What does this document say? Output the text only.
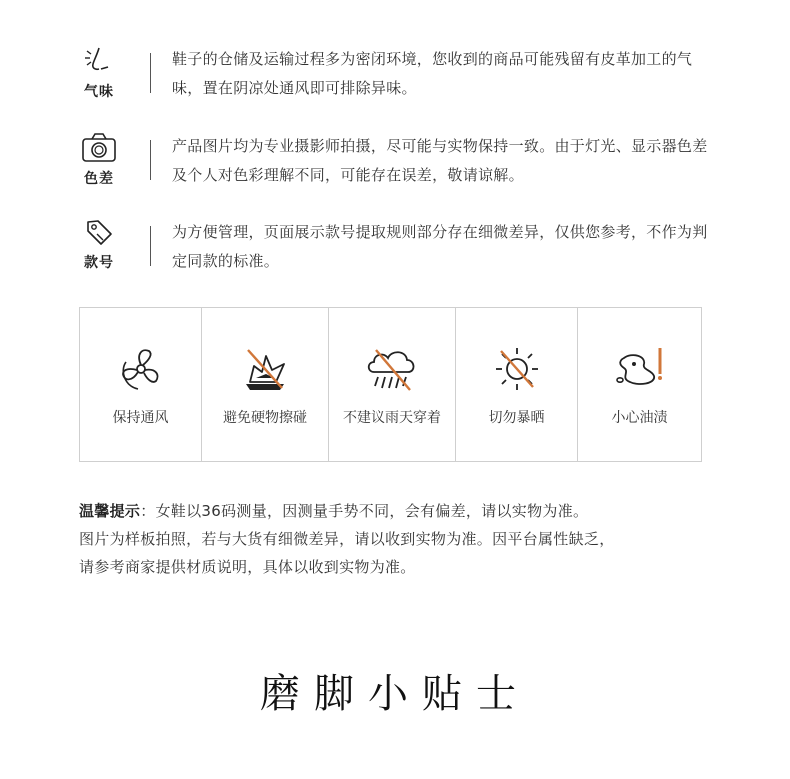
气味
鞋子的仓储及运输过程多为密闭环境，您收到的商品可能残留有皮革加工的气味，置在阴凉处通风即可排除异味。
色差
产品图片均为专业摄影师拍摄，尽可能与实物保持一致。由于灯光、显示器色差及个人对色彩理解不同，可能存在误差，敬请谅解。
款号
为方便管理，页面展示款号提取规则部分存在细微差异，仅供您参考，不作为判定同款的标准。
保持通风	避免硬物擦碰	不建议雨天穿着	切勿暴晒	小心油渍
温馨提示：女鞋以36码测量，因测量手势不同，会有偏差，请以实物为准。
图片为样板拍照，若与大货有细微差异，请以收到实物为准。因平台属性缺乏，
请参考商家提供材质说明，具体以收到实物为准。
磨脚小贴士
